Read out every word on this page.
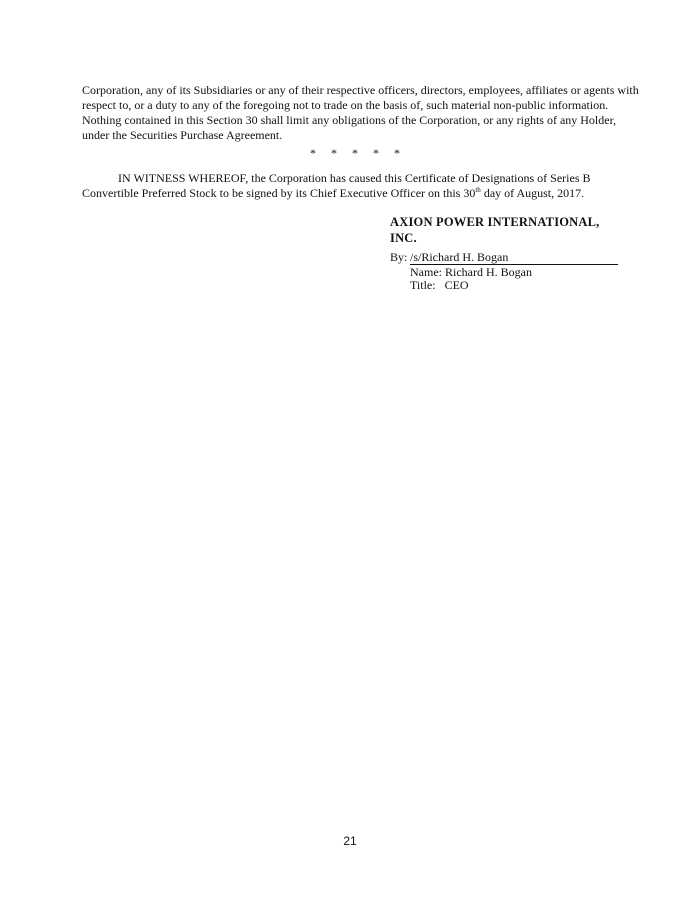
Corporation, any of its Subsidiaries or any of their respective officers, directors, employees, affiliates or agents with
respect to, or a duty to any of the foregoing not to trade on the basis of, such material non-public information.
Nothing contained in this Section 30 shall limit any obligations of the Corporation, or any rights of any Holder,
under the Securities Purchase Agreement.

*     *     *     *     *

IN WITNESS WHEREOF, the Corporation has caused this Certificate of Designations of Series B
Convertible Preferred Stock to be signed by its Chief Executive Officer on this 30th day of August, 2017.

AXION POWER INTERNATIONAL,
INC.
By: /s/Richard H. Bogan
Name: Richard H. Bogan
Title:   CEO
21
